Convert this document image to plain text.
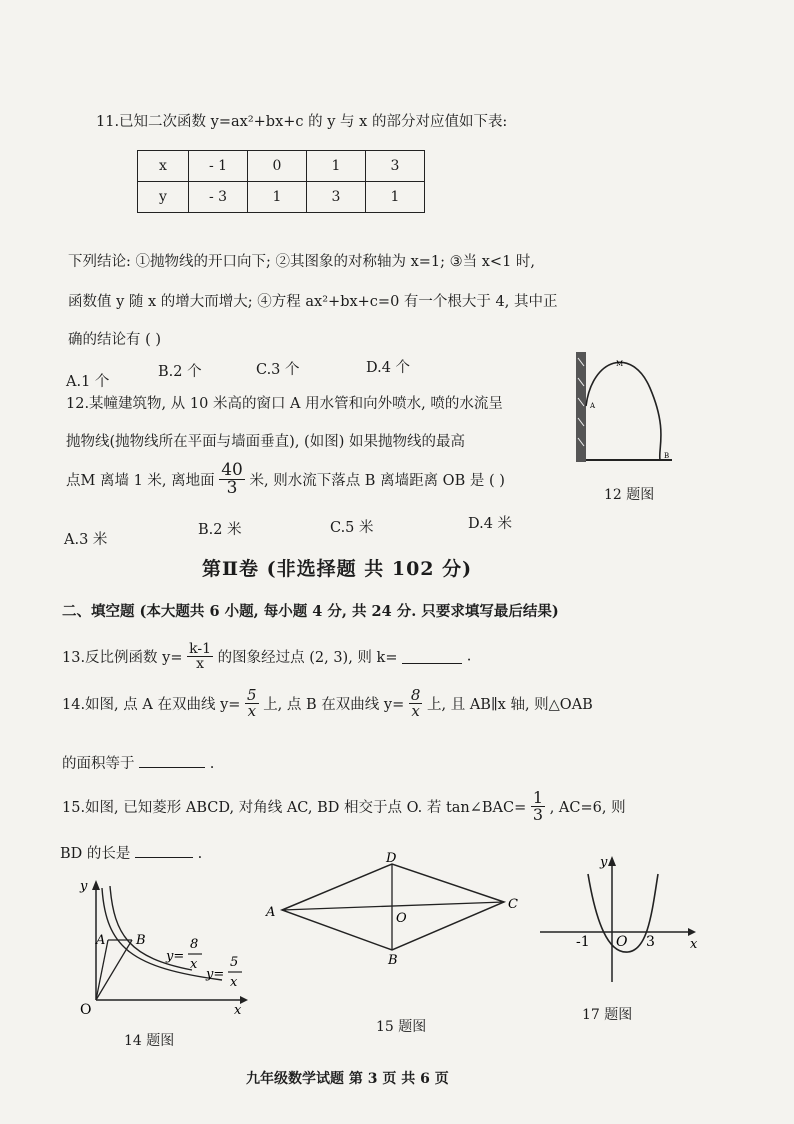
11.已知二次函数 y=ax²+bx+c 的 y 与 x 的部分对应值如下表:
x	- 1	0	1	3
y	- 3	1	3	1
下列结论: ①抛物线的开口向下; ②其图象的对称轴为 x=1; ③当 x<1 时,
函数值 y 随 x 的增大而增大; ④方程 ax²+bx+c=0 有一个根大于 4, 其中正
确的结论有 ( )
A.1 个
B.2 个	C.3 个	D.4 个
12.某幢建筑物, 从 10 米高的窗口 A 用水管和向外喷水, 喷的水流呈
抛物线(抛物线所在平面与墙面垂直), (如图) 如果抛物线的最高
点M 离墙 1 米, 离地面 $\frac{40}{3}$ 米, 则水流下落点 B 离墙距离 OB 是 ( )
A.3 米
B.2 米	C.5 米	D.4 米
M
A
B
12 题图
第Ⅱ卷 (非选择题 共 102 分)
二、填空题 (本大题共 6 小题, 每小题 4 分, 共 24 分. 只要求填写最后结果)
13.反比例函数 $y= \frac{k-1}{x}$ 的图象经过点 (2, 3), 则 k=	.
14.如图, 点 A 在双曲线 $y= \frac{5}{x}$ 上, 点 B 在双曲线 $y= \frac{8}{x}$ 上, 且 AB∥x 轴, 则△OAB
的面积等于	.
15.如图, 已知菱形 ABCD, 对角线 AC, BD 相交于点 O. 若 tan∠BAC= $\frac{1}{3}$ , AC=6, 则
BD 的长是	.
y
x
O
A B
y=
8
x
y=
5
x
14 题图
A
C
D
B
O
15 题图
y
x
-1 O 3
17 题图
九年级数学试题 第 3 页 共 6 页
